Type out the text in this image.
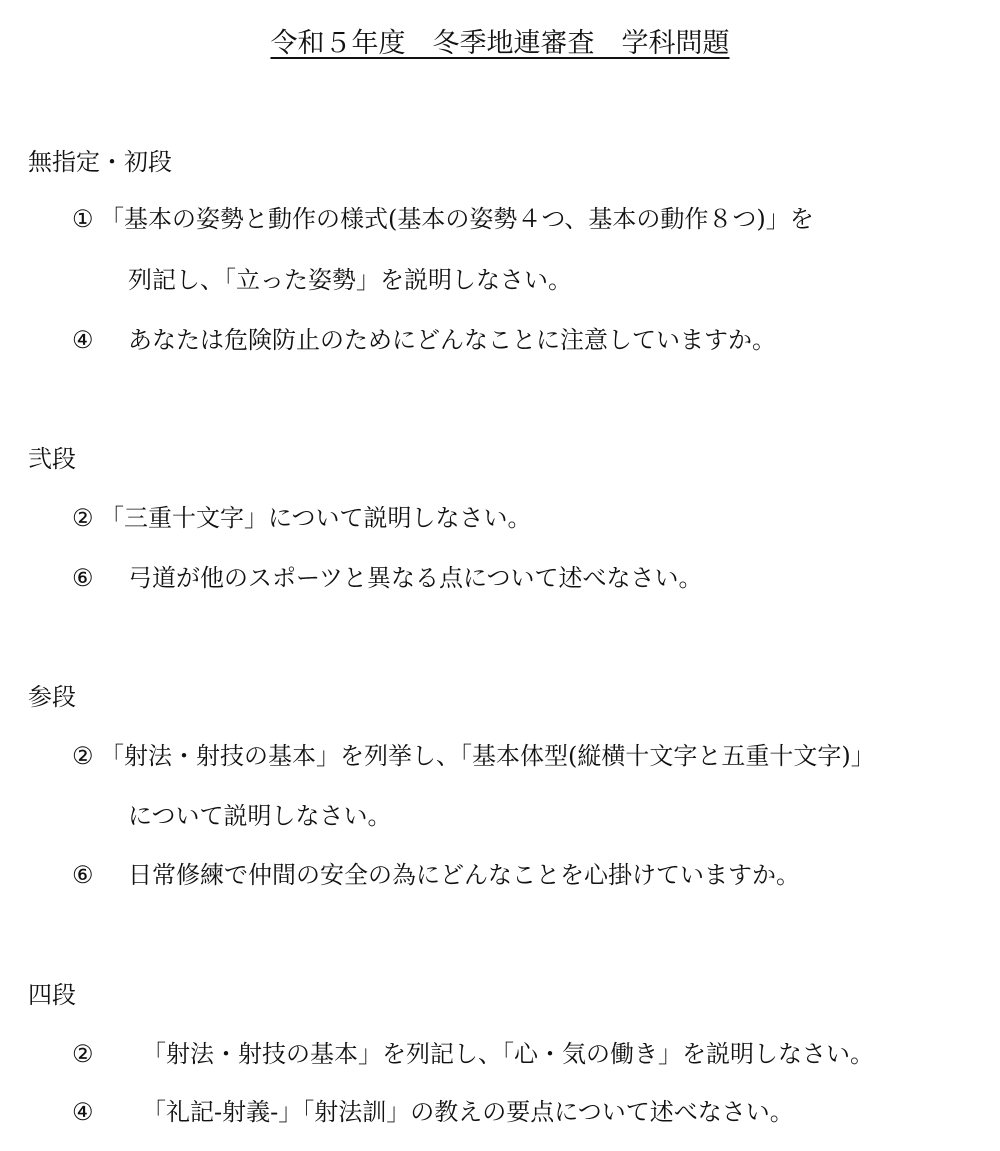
令和５年度　冬季地連審査　学科問題
無指定・初段
① 「基本の姿勢と動作の様式(基本の姿勢４つ、基本の動作８つ)」を
列記し、「立った姿勢」を説明しなさい。
④	あなたは危険防止のためにどんなことに注意していますか。
弐段
② 「三重十文字」について説明しなさい。
⑥	弓道が他のスポーツと異なる点について述べなさい。
参段
② 「射法・射技の基本」を列挙し、「基本体型(縦横十文字と五重十文字)」
について説明しなさい。
⑥	日常修練で仲間の安全の為にどんなことを心掛けていますか。
四段
②	「射法・射技の基本」を列記し、「心・気の働き」を説明しなさい。
④	「礼記-射義-」「射法訓」の教えの要点について述べなさい。
